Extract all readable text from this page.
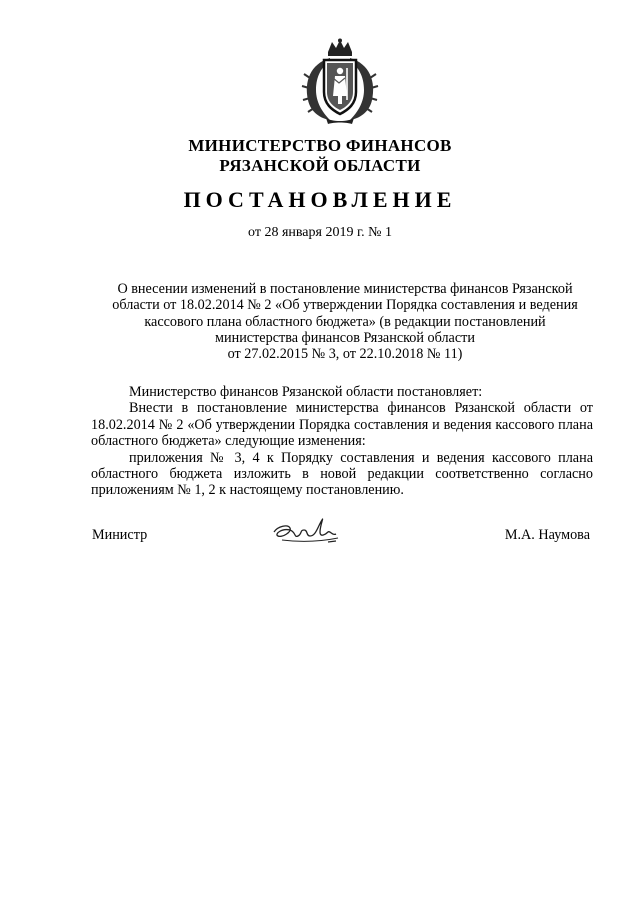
МИНИСТЕРСТВО ФИНАНСОВ
РЯЗАНСКОЙ ОБЛАСТИ
ПОСТАНОВЛЕНИЕ
от 28 января 2019 г. № 1
О внесении изменений в постановление министерства финансов Рязанской
области от 18.02.2014 № 2 «Об утверждении Порядка составления и ведения
кассового плана областного бюджета» (в редакции постановлений
министерства финансов Рязанской области
от 27.02.2015 № 3, от 22.10.2018 № 11)

Министерство финансов Рязанской области постановляет:

Внести в постановление министерства финансов Рязанской области от 18.02.2014 № 2 «Об утверждении Порядка составления и ведения кассового плана областного бюджета» следующие изменения:

приложения № 3, 4 к Порядку составления и ведения кассового плана областного бюджета изложить в новой редакции соответственно согласно приложениям № 1, 2 к настоящему постановлению.

Министр	М.А. Наумова
